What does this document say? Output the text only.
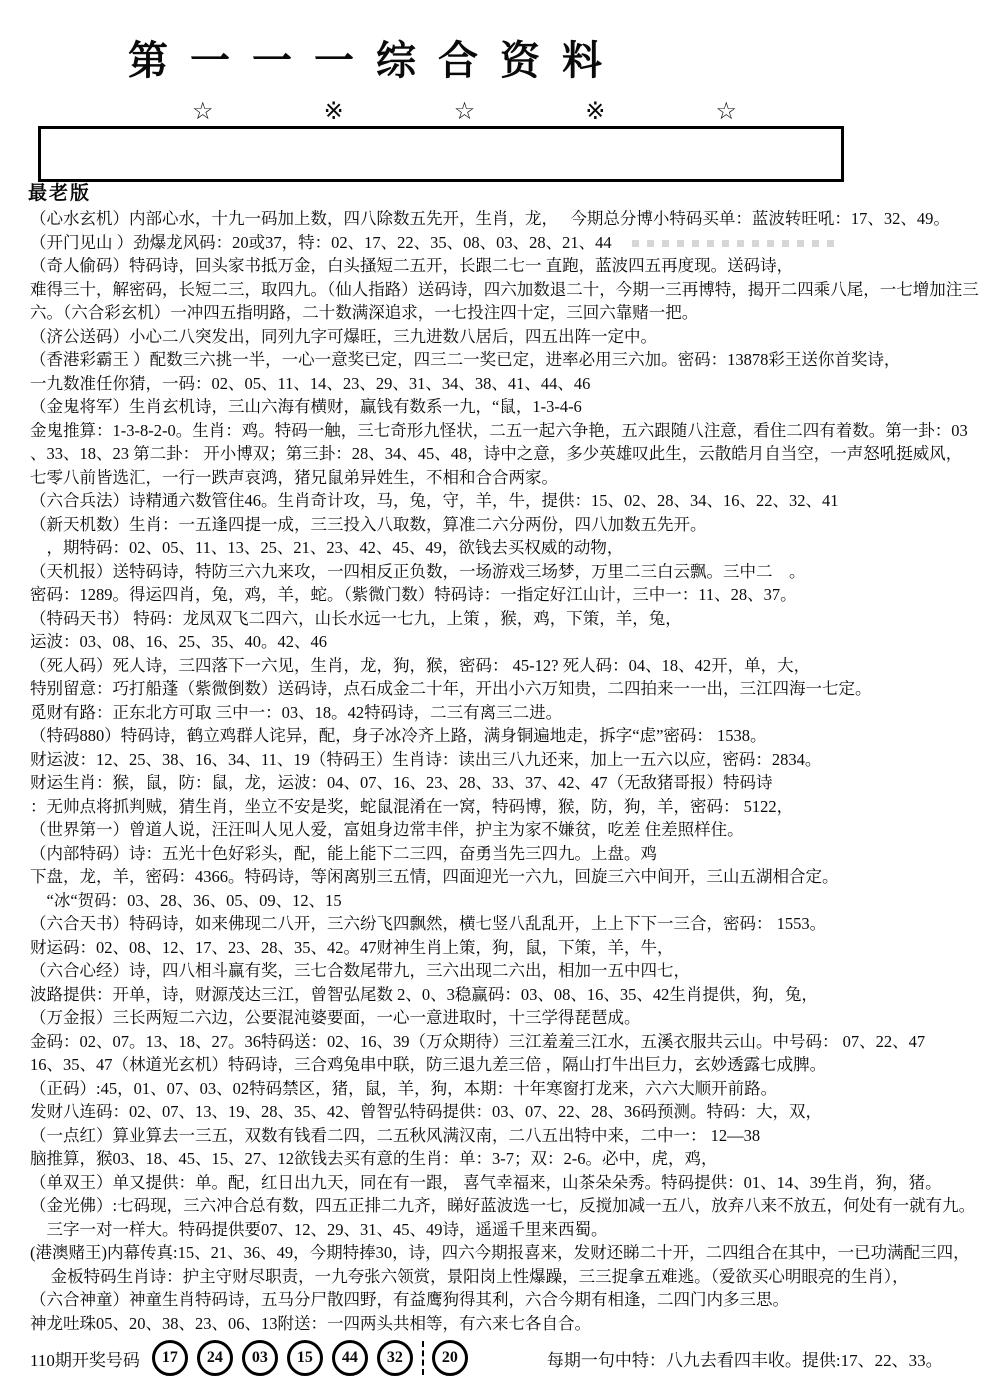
第一一一综合资料
☆	※	☆	※	☆
最老版
（心水玄机）内部心水，十九一码加上数，四八除数五先开，生肖，龙，　 今期总分博小特码买单：蓝波转旺吼：17、32、49。
（开门见山 ）劲爆龙风码：20或37，特：02、17、22、35、08、03、28、21、44
（奇人偷码）特码诗，回头家书抵万金，白头搔短二五开，长跟二七一 直跑，蓝波四五再度现。送码诗，
难得三十，解密码，长短二三，取四九。（仙人指路）送码诗，四六加数退二十，今期一三再博特，揭开二四乘八尾，一七增加注三
六。（六合彩玄机）一冲四五指明路，二十数满深追求，一七投注四十定，三回六靠赌一把。
（济公送码）小心二八突发出，同列九字可爆旺，三九进数八居后，四五出阵一定中。
（香港彩霸王 ）配数三六挑一半，一心一意奖已定，四三二一奖已定，进率必用三六加。密码：13878彩王送你首奖诗，
一九数准任你猜，一码：02、05、11、14、23、29、31、34、38、41、44、46
（金鬼将军）生肖玄机诗，三山六海有横财，赢钱有数系一九，“鼠，1-3-4-6
金鬼推算：1-3-8-2-0。生肖：鸡。特码一触，三七奇形九怪状，二五一起六争艳，五六跟随八注意，看住二四有着数。第一卦：03
、33、18、23 第二卦： 开小博双；第三卦：28、34、45、48，诗中之意，多少英雄叹此生，云散皓月自当空，一声怒吼挺威风，
七零八前皆选汇，一行一跌声哀鸿，猪兄鼠弟异姓生，不相和合合两家。
（六合兵法）诗精通六数管住46。生肖奇计攻，马，兔，守，羊，牛，提供：15、02、28、34、16、22、32、41
（新天机数）生肖：一五逢四提一成，三三投入八取数，算准二六分两份，四八加数五先开。
　，期特码：02、05、11、13、25、21、23、42、45、49，欲钱去买权威的动物，
（天机报）送特码诗，特防三六九来攻，一四相反正负数，一场游戏三场梦，万里二三白云飘。三中二　。
密码：1289。得运四肖，兔，鸡，羊，蛇。（紫微门数）特码诗：一指定好江山计，三中一：11、28、37。
（特码天书） 特码：龙凤双飞二四六，山长水远一七九，上策 ，猴，鸡，下策，羊，兔，
运波：03、08、16、25、35、40。42、46
（死人码）死人诗，三四落下一六见，生肖，龙，狗，猴，密码： 45-12? 死人码：04、18、42开，单，大，
特别留意：巧打船蓬（紫微倒数）送码诗，点石成金二十年，开出小六万知贵，二四拍来一一出，三江四海一七定。
觅财有路：正东北方可取 三中一：03、18。42特码诗，二三有离三二进。
（特码880）特码诗，鹤立鸡群人诧异，配，身子冰冷齐上路，满身铜遍地走，拆字“虑”密码： 1538。
财运波：12、25、38、16、34、11、19（特码王）生肖诗：读出三八九还来，加上一五六以应，密码：2834。
财运生肖：猴，鼠，防：鼠，龙，运波：04、07、16、23、28、33、37、42、47（无敌猪哥报）特码诗
：无帅点将抓判贼，猜生肖，坐立不安是奖，蛇鼠混淆在一窝，特码博，猴，防，狗，羊，密码： 5122，
（世界第一）曾道人说，汪汪叫人见人爱，富姐身边常丰伴，护主为家不嫌贫，吃差 住差照样住。
（内部特码）诗：五光十色好彩头，配，能上能下二三四，奋勇当先三四九。上盘。鸡
下盘，龙，羊，密码：4366。特码诗，等闲离别三五情，四面迎光一六九，回旋三六中间开，三山五湖相合定。
　“冰“贺码：03、28、36、05、09、12、15
（六合天书）特码诗，如来佛现二八开，三六纷飞四飘然，横七竖八乱乱开，上上下下一三合，密码： 1553。
财运码：02、08、12、17、23、28、35、42。47财神生肖上策，狗，鼠，下策，羊，牛，
（六合心经）诗，四八相斗赢有奖，三七合数尾带九，三六出现二六出，相加一五中四七，
波路提供：开单，诗，财源茂达三江，曾智弘尾数 2、0、3稳赢码：03、08、16、35、42生肖提供，狗，兔，
（万金报）三长两短二六边，公要混沌婆要面，一心一意进取时，十三学得琵琶成。
金码：02、07。13、18、27。36特码送：02、16、39（万众期待）三江羞羞三江水，五溪衣服共云山。中号码： 07、22、47
16、35、47（林道光玄机）特码诗，三合鸡兔串中联，防三退九差三倍 ，隔山打牛出巨力，玄妙透露七成脾。
（正码）:45，01、07、03、02特码禁区，猪，鼠，羊，狗，本期：十年寒窗打龙来，六六大顺开前路。
发财八连码：02、07、13、19、28、35、42、曾智弘特码提供：03、07、22、28、36码预测。特码：大，双，
（一点红）算业算去一三五，双数有钱看二四，二五秋风满汉南，二八五出特中来，二中一： 12—38
脑推算，猴03、18、45、15、27、12欲钱去买有意的生肖：单：3-7；双：2-6。必中，虎，鸡，
（单双王）单又提供：单。配，红日出九天，同在有一跟， 喜气幸福来，山茶朵朵秀。特码提供：01、14、39生肖，狗，猪。
（金光佛）:七码现，三六冲合总有数，四五正排二九齐，睇好蓝波选一七，反搅加减一五八，放弃八来不放五，何处有一就有九。
　三字一对一样大。特码提供要07、12、29、31、45、49诗，遥遥千里来西蜀。
(港澳赌王)内幕传真:15、21、36、49，今期特捧30，诗，四六今期报喜来，发财还睇二十开，二四组合在其中，一已功满配三四，
　 金板特码生肖诗：护主守财尽职责，一九夸张六领赏，景阳岗上性爆躁，三三捉拿五难逃。（爱欲买心明眼亮的生肖），
（六合神童）神童生肖特码诗，五马分尸散四野，有益鹰狗得其利，六合今期有相逢，二四门内多三思。
神龙吐珠05、20、38、23、06、13附送：一四两头共相等，有六来七各自合。
110期开奖号码	17	24	03	15	44	32	20	每期一句中特：八九去看四丰收。提供:17、22、33。
